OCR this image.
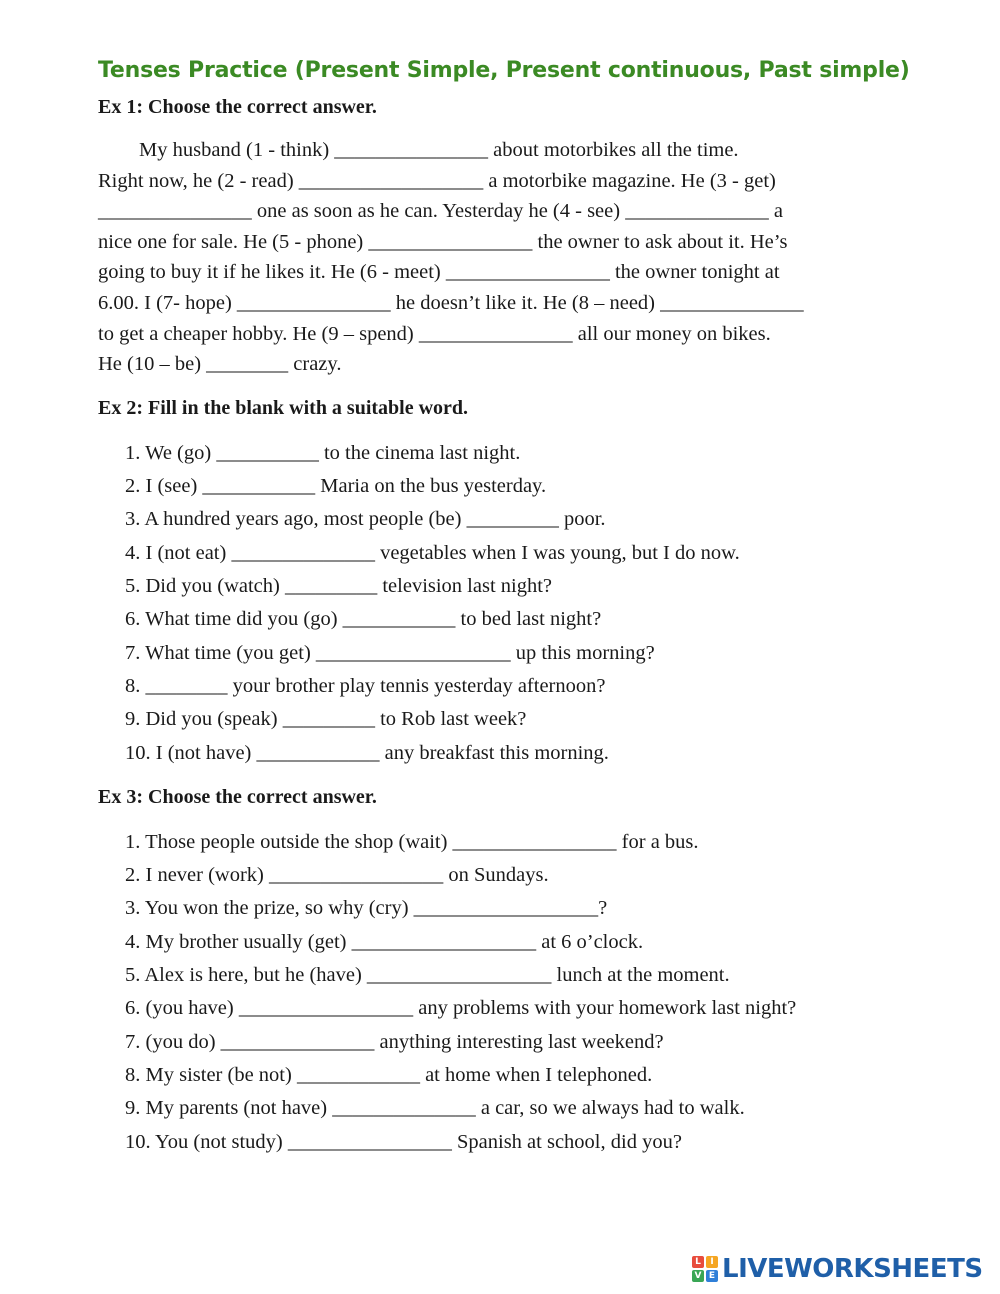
Tenses Practice (Present Simple, Present continuous, Past simple)
Ex 1: Choose the correct answer.
My husband (1 - think) _______________ about motorbikes all the time.
Right now, he (2 - read) __________________ a motorbike magazine. He (3 - get)
_______________ one as soon as he can. Yesterday he (4 - see) ______________ a
nice one for sale. He (5 - phone) ________________ the owner to ask about it. He’s
going to buy it if he likes it. He (6 - meet) ________________ the owner tonight at
6.00. I (7- hope) _______________ he doesn’t like it. He (8 – need) ______________
to get a cheaper hobby. He (9 – spend) _______________ all our money on bikes.
He (10 – be) ________ crazy.
Ex 2: Fill in the blank with a suitable word.
1. We (go) __________ to the cinema last night.
2. I (see) ___________ Maria on the bus yesterday.
3. A hundred years ago, most people (be) _________ poor.
4. I (not eat) ______________ vegetables when I was young, but I do now.
5. Did you (watch) _________ television last night?
6. What time did you (go) ___________ to bed last night?
7. What time (you get) ___________________ up this morning?
8. ________ your brother play tennis yesterday afternoon?
9. Did you (speak) _________ to Rob last week?
10. I (not have) ____________ any breakfast this morning.
Ex 3: Choose the correct answer.
1. Those people outside the shop (wait) ________________ for a bus.
2. I never (work) _________________ on Sundays.
3. You won the prize, so why (cry) __________________?
4. My brother usually (get) __________________ at 6 o’clock.
5. Alex is here, but he (have) __________________ lunch at the moment.
6. (you have) _________________ any problems with your homework last night?
7. (you do) _______________ anything interesting last weekend?
8. My sister (be not) ____________ at home when I telephoned.
9. My parents (not have) ______________ a car, so we always had to walk.
10. You (not study) ________________ Spanish at school, did you?
L	I
V E LIVEWORKSHEETS
